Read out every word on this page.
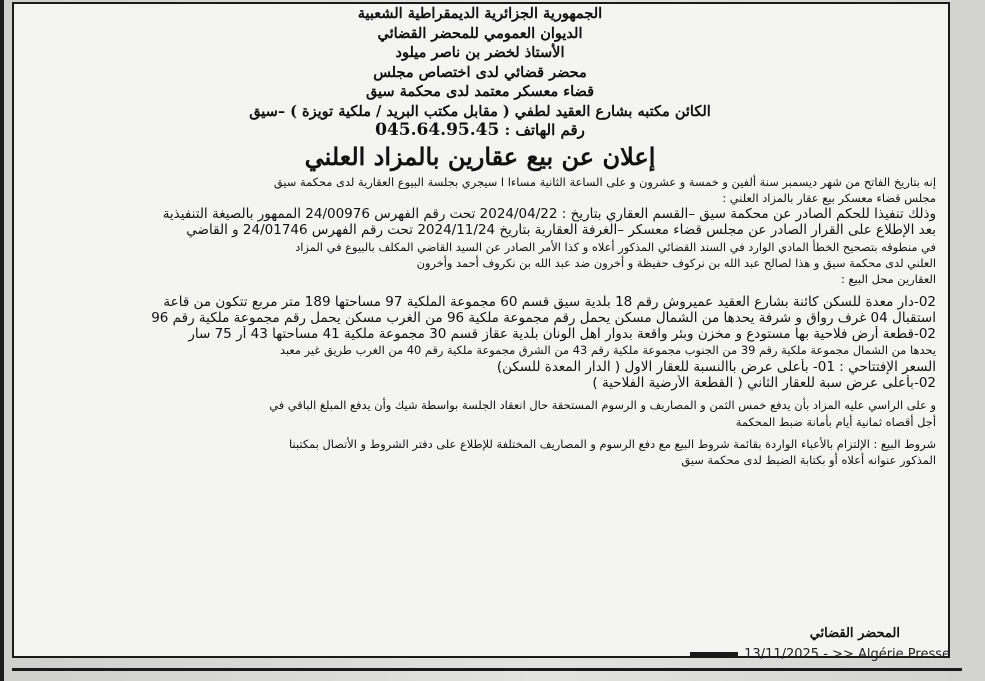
الجمهورية الجزائرية الديمقراطية الشعبية
الديوان العمومي للمحضر القضائي
الأستاذ لخضر بن ناصر ميلود
محضر قضائي لدى اختصاص مجلس
قضاء معسكر معتمد لدى محكمة سيق
الكائن مكتبه بشارع العقيد لطفي ( مقابل مكتب البريد / ملكية تويزة ) –سيق
رقم الهاتف : 045.64.95.45
إعلان عن بيع عقارين بالمزاد العلني

إنه بتاريخ الفاتح من شهر ديسمبر سنة ألفين و خمسة و عشرون و على الساعة الثانية مساءا ا سيجري بجلسة البيوع العقارية لدى محكمة سيق

مجلس قضاء معسكر بيع عقار بالمزاد العلني :

وذلك تنفيذا للحكم الصادر عن محكمة سيق –القسم العقاري بتاريخ : 2024/04/22 تحت رقم الفهرس 24/00976 الممهور بالصيغة التنفيذية

بعد الإطلاع على القرار الصادر عن مجلس قضاء معسكر –الغرفة العقارية بتاريخ 2024/11/24 تحت رقم الفهرس 24/01746 و القاضي

في منطوقه بتصحيح الخطأ المادي الوارد في السند القضائي المذكور أعلاه و كذا الأمر الصادر عن السيد القاضي المكلف بالبيوع في المزاد

العلني لدى محكمة سيق و هذا لصالح عبد الله بن نركوف حفيظة و أخرون ضد عبد الله بن نكروف أحمد وأخرون

العقارين محل البيع :

02-دار معدة للسكن كائنة بشارع العقيد عميروش رقم 18 بلدية سيق قسم 60 مجموعة الملكية 97 مساحتها 189 متر مربع تتكون من قاعة

استقبال 04 غرف رواق و شرفة يحدها من الشمال مسكن يحمل رقم مجموعة ملكية 96 من الغرب مسكن يحمل رقم مجموعة ملكية رقم 96

02-قطعة أرض فلاحية بها مستودع و مخزن وبئر واقعة بدوار اهل الونان بلدية عقاز قسم 30 مجموعة ملكية 41 مساحتها 43 أر 75 سار

يحدها من الشمال مجموعة ملكية رقم 39 من الجنوب مجموعة ملكية رقم 43 من الشرق مجموعة ملكية رقم 40 من الغرب طريق غير معبد

السعر الإفتتاحي : 01- بأعلى عرض باالنسبة للعقار الاول ( الدار المعدة للسكن)

02-بأعلى عرض سبة للعقار الثاني ( القطعة الأرضية الفلاحية )

و على الراسي عليه المزاد بأن يدفع خمس الثمن و المصاريف و الرسوم المستحقة حال انعقاد الجلسة بواسطة شيك وأن يدفع المبلغ الباقي في

أجل أقصاه ثمانية أيام بأمانة ضبط المحكمة

شروط البيع : الإلتزام بالأعباء الواردة بقائمة شروط البيع مع دفع الرسوم و المصاريف المختلفة للإطلاع على دفتر الشروط و الأتصال بمكتبنا

المذكور عنوانه أعلاه أو بكتابة الضبط لدى محكمة سيق

المحضر القضائي
13/11/2025 - >> Algérie Presse
